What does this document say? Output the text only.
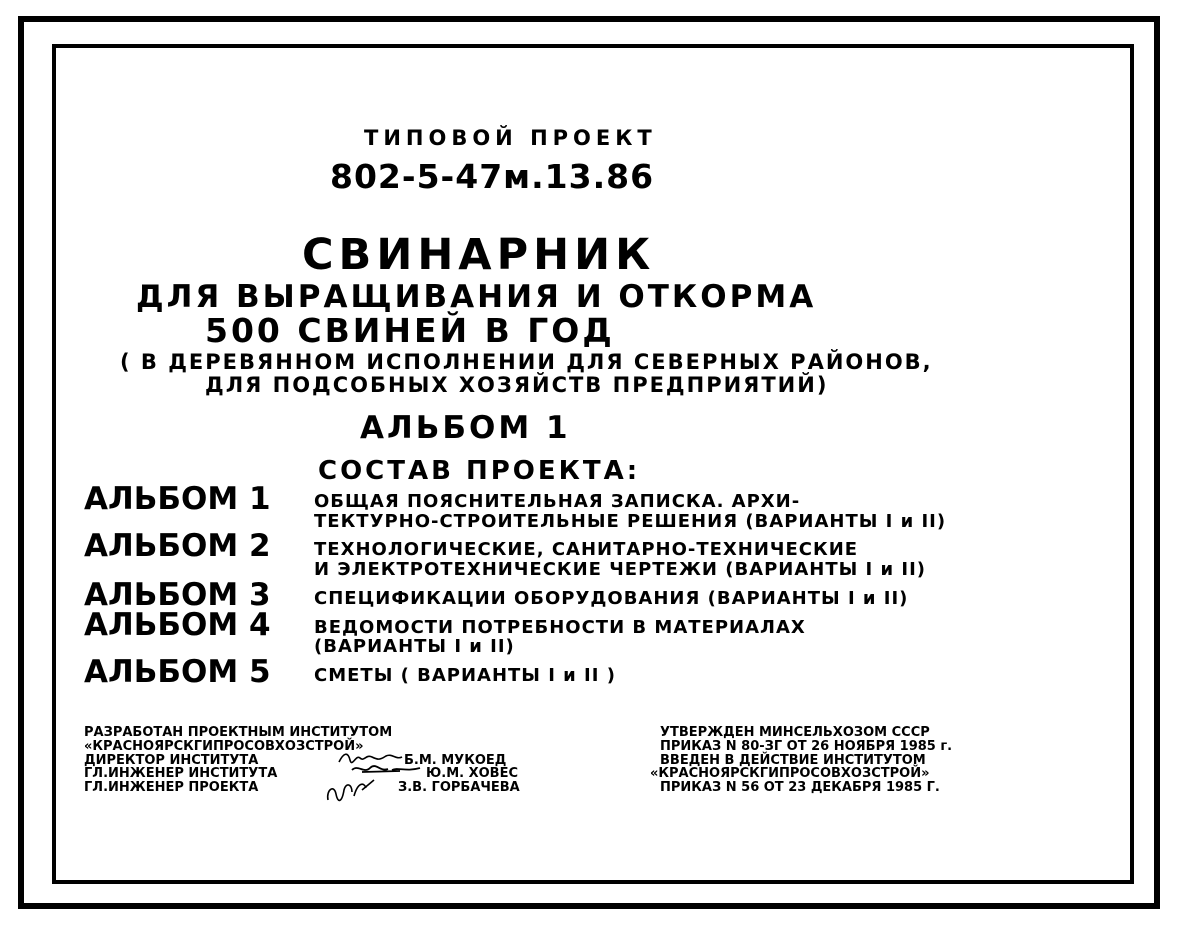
ТИПОВОЙ ПРОЕКТ
802-5-47м.13.86
СВИНАРНИК
ДЛЯ ВЫРАЩИВАНИЯ И ОТКОРМА
500 СВИНЕЙ В ГОД
( В ДЕРЕВЯННОМ ИСПОЛНЕНИИ ДЛЯ СЕВЕРНЫХ РАЙОНОВ,
ДЛЯ ПОДСОБНЫХ ХОЗЯЙСТВ ПРЕДПРИЯТИЙ)
АЛЬБОМ 1
СОСТАВ ПРОЕКТА:
АЛЬБОМ 1 ОБЩАЯ ПОЯСНИТЕЛЬНАЯ ЗАПИСКА. АРХИ-
ТЕКТУРНО-СТРОИТЕЛЬНЫЕ РЕШЕНИЯ (ВАРИАНТЫ I и II)
АЛЬБОМ 2 ТЕХНОЛОГИЧЕСКИЕ, САНИТАРНО-ТЕХНИЧЕСКИЕ
И ЭЛЕКТРОТЕХНИЧЕСКИЕ ЧЕРТЕЖИ (ВАРИАНТЫ I и II)
АЛЬБОМ 3 СПЕЦИФИКАЦИИ ОБОРУДОВАНИЯ (ВАРИАНТЫ I и II)
АЛЬБОМ 4 ВЕДОМОСТИ ПОТРЕБНОСТИ В МАТЕРИАЛАХ
(ВАРИАНТЫ I и II)
АЛЬБОМ 5 СМЕТЫ ( ВАРИАНТЫ I и II )
РАЗРАБОТАН ПРОЕКТНЫМ ИНСТИТУТОМ
«КРАСНОЯРСКГИПРОСОВХОЗСТРОЙ»
ДИРЕКТОР ИНСТИТУТА	Б.М. МУКОЕД
ГЛ.ИНЖЕНЕР ИНСТИТУТА	Ю.М. ХОВЕС
ГЛ.ИНЖЕНЕР ПРОЕКТА	З.В. ГОРБАЧЕВА
УТВЕРЖДЕН МИНСЕЛЬХОЗОМ СССР
ПРИКАЗ N 80-ЗГ ОТ 26 НОЯБРЯ 1985 г.
ВВЕДЕН В ДЕЙСТВИЕ ИНСТИТУТОМ
«КРАСНОЯРСКГИПРОСОВХОЗСТРОЙ»
ПРИКАЗ N 56 ОТ 23 ДЕКАБРЯ 1985 Г.
